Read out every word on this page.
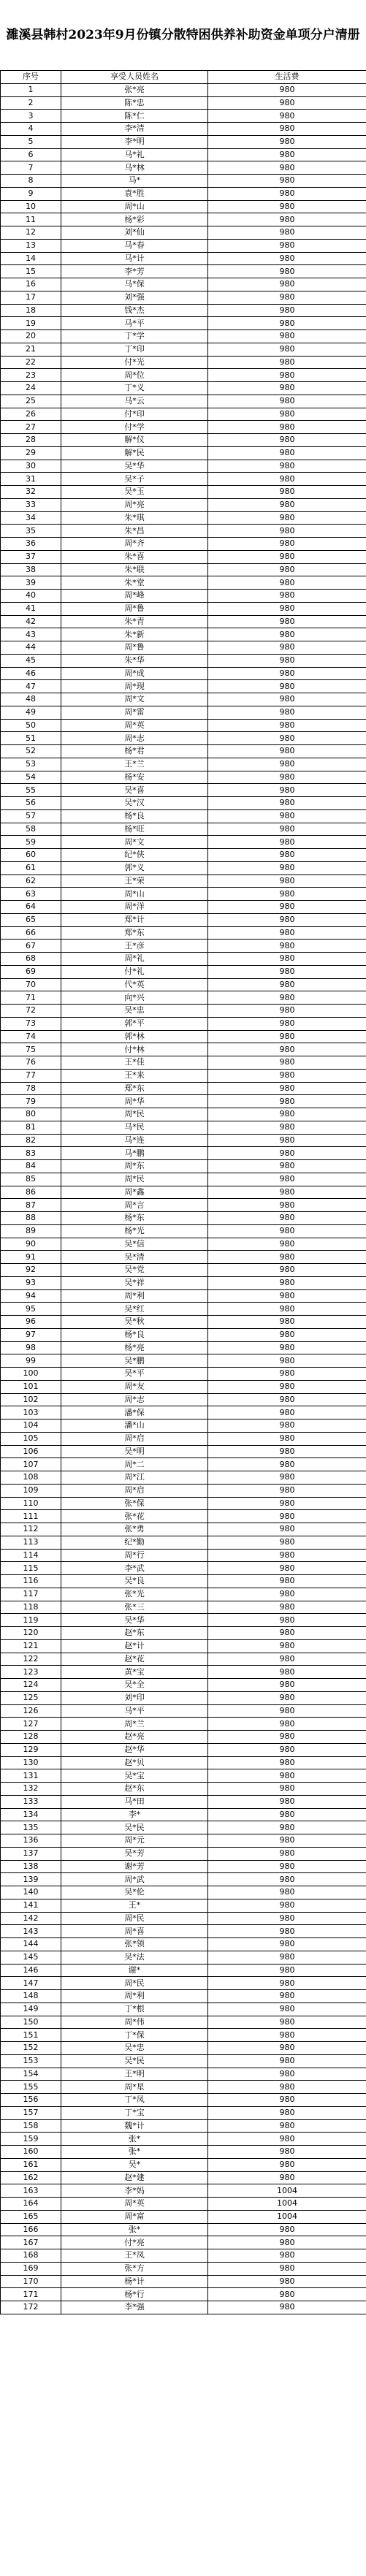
濉溪县韩村2023年9月份镇分散特困供养补助资金单项分户清册
序号	享受人员姓名	生活费
1	张*亮	980
2	陈*忠	980
3	陈*仁	980
4	李*清	980
5	李*明	980
6	马*礼	980
7	马*林	980
8	马*	980
9	袁*胜	980
10	周*山	980
11	杨*彩	980
12	刘*仙	980
13	马*春	980
14	马*计	980
15	李*芳	980
16	马*保	980
17	刘*强	980
18	钱*杰	980
19	马*平	980
20	丁*学	980
21	丁*印	980
22	付*光	980
23	周*位	980
24	丁*义	980
25	马*云	980
26	付*印	980
27	付*学	980
28	解*仪	980
29	解*民	980
30	吴*华	980
31	吴*子	980
32	吴*玉	980
33	周*亮	980
34	朱*琪	980
35	朱*昌	980
36	周*齐	980
37	朱*喜	980
38	朱*联	980
39	朱*堂	980
40	周*峰	980
41	周*鲁	980
42	朱*青	980
43	朱*新	980
44	周*鲁	980
45	朱*华	980
46	周*成	980
47	周*现	980
48	周*文	980
49	周*雷	980
50	周*英	980
51	周*志	980
52	杨*君	980
53	王*兰	980
54	杨*安	980
55	吴*喜	980
56	吴*汉	980
57	杨*良	980
58	杨*旺	980
59	周*文	980
60	纪*侠	980
61	郭*义	980
62	王*荣	980
63	周*山	980
64	周*洋	980
65	郑*计	980
66	郑*东	980
67	王*彦	980
68	周*礼	980
69	付*礼	980
70	代*英	980
71	向*兴	980
72	吴*忠	980
73	郭*平	980
74	郭*林	980
75	付*林	980
76	王*佳	980
77	王*来	980
78	郑*东	980
79	周*华	980
80	周*民	980
81	马*民	980
82	马*连	980
83	马*鹏	980
84	周*东	980
85	周*民	980
86	周*鑫	980
87	周*言	980
88	杨*东	980
89	杨*光	980
90	吴*信	980
91	吴*清	980
92	吴*党	980
93	吴*祥	980
94	周*利	980
95	吴*红	980
96	吴*秋	980
97	杨*良	980
98	杨*亮	980
99	吴*鹏	980
100	吴*平	980
101	周*友	980
102	周*志	980
103	潘*保	980
104	潘*山	980
105	周*启	980
106	吴*明	980
107	周*二	980
108	周*江	980
109	周*启	980
110	张*保	980
111	张*花	980
112	张*勇	980
113	纪*勤	980
114	周*行	980
115	李*武	980
116	吴*良	980
117	张*光	980
118	张*三	980
119	吴*华	980
120	赵*东	980
121	赵*计	980
122	赵*花	980
123	黄*宝	980
124	吴*全	980
125	刘*印	980
126	马*平	980
127	周*兰	980
128	赵*亮	980
129	赵*华	980
130	赵*贝	980
131	吴*宝	980
132	赵*东	980
133	马*田	980
134	李*	980
135	吴*民	980
136	周*元	980
137	吴*芳	980
138	谢*芳	980
139	周*武	980
140	吴*伦	980
141	王*	980
142	周*民	980
143	周*喜	980
144	张*领	980
145	吴*法	980
146	谢*	980
147	周*民	980
148	周*利	980
149	丁*根	980
150	周*伟	980
151	丁*保	980
152	吴*忠	980
153	吴*民	980
154	王*明	980
155	周*星	980
156	丁*凤	980
157	丁*宝	980
158	魏*计	980
159	张*	980
160	张*	980
161	吴*	980
162	赵*建	980
163	李*妈	1004
164	周*英	1004
165	周*富	1004
166	张*	980
167	付*亮	980
168	王*凤	980
169	张*方	980
170	杨*计	980
171	杨*行	980
172	李*强	980
